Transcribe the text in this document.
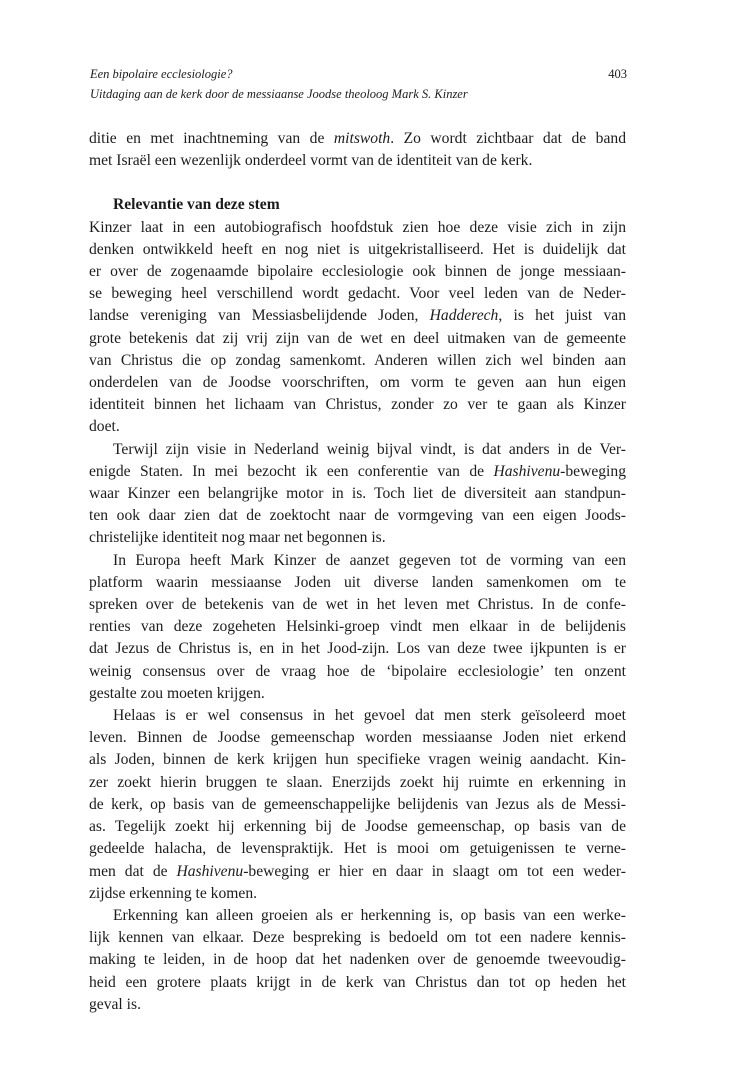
Een bipolaire ecclesiologie?
Uitdaging aan de kerk door de messiaanse Joodse theoloog Mark S. Kinzer
403

ditie en met inachtneming van de mitswoth. Zo wordt zichtbaar dat de band
met Israël een wezenlijk onderdeel vormt van de identiteit van de kerk.

Relevantie van deze stem

Kinzer laat in een autobiografisch hoofdstuk zien hoe deze visie zich in zijn
denken ontwikkeld heeft en nog niet is uitgekristalliseerd. Het is duidelijk dat
er over de zogenaamde bipolaire ecclesiologie ook binnen de jonge messiaan-
se beweging heel verschillend wordt gedacht. Voor veel leden van de Neder-
landse vereniging van Messiasbelijdende Joden, Hadderech, is het juist van
grote betekenis dat zij vrij zijn van de wet en deel uitmaken van de gemeente
van Christus die op zondag samenkomt. Anderen willen zich wel binden aan
onderdelen van de Joodse voorschriften, om vorm te geven aan hun eigen
identiteit binnen het lichaam van Christus, zonder zo ver te gaan als Kinzer
doet.

Terwijl zijn visie in Nederland weinig bijval vindt, is dat anders in de Ver-
enigde Staten. In mei bezocht ik een conferentie van de Hashivenu-beweging
waar Kinzer een belangrijke motor in is. Toch liet de diversiteit aan standpun-
ten ook daar zien dat de zoektocht naar de vormgeving van een eigen Joods-
christelijke identiteit nog maar net begonnen is.

In Europa heeft Mark Kinzer de aanzet gegeven tot de vorming van een
platform waarin messiaanse Joden uit diverse landen samenkomen om te
spreken over de betekenis van de wet in het leven met Christus. In de confe-
renties van deze zogeheten Helsinki-groep vindt men elkaar in de belijdenis
dat Jezus de Christus is, en in het Jood-zijn. Los van deze twee ijkpunten is er
weinig consensus over de vraag hoe de ‘bipolaire ecclesiologie’ ten onzent
gestalte zou moeten krijgen.

Helaas is er wel consensus in het gevoel dat men sterk geïsoleerd moet
leven. Binnen de Joodse gemeenschap worden messiaanse Joden niet erkend
als Joden, binnen de kerk krijgen hun specifieke vragen weinig aandacht. Kin-
zer zoekt hierin bruggen te slaan. Enerzijds zoekt hij ruimte en erkenning in
de kerk, op basis van de gemeenschappelijke belijdenis van Jezus als de Messi-
as. Tegelijk zoekt hij erkenning bij de Joodse gemeenschap, op basis van de
gedeelde halacha, de levenspraktijk. Het is mooi om getuigenissen te verne-
men dat de Hashivenu-beweging er hier en daar in slaagt om tot een weder-
zijdse erkenning te komen.

Erkenning kan alleen groeien als er herkenning is, op basis van een werke-
lijk kennen van elkaar. Deze bespreking is bedoeld om tot een nadere kennis-
making te leiden, in de hoop dat het nadenken over de genoemde tweevoudig-
heid een grotere plaats krijgt in de kerk van Christus dan tot op heden het
geval is.
